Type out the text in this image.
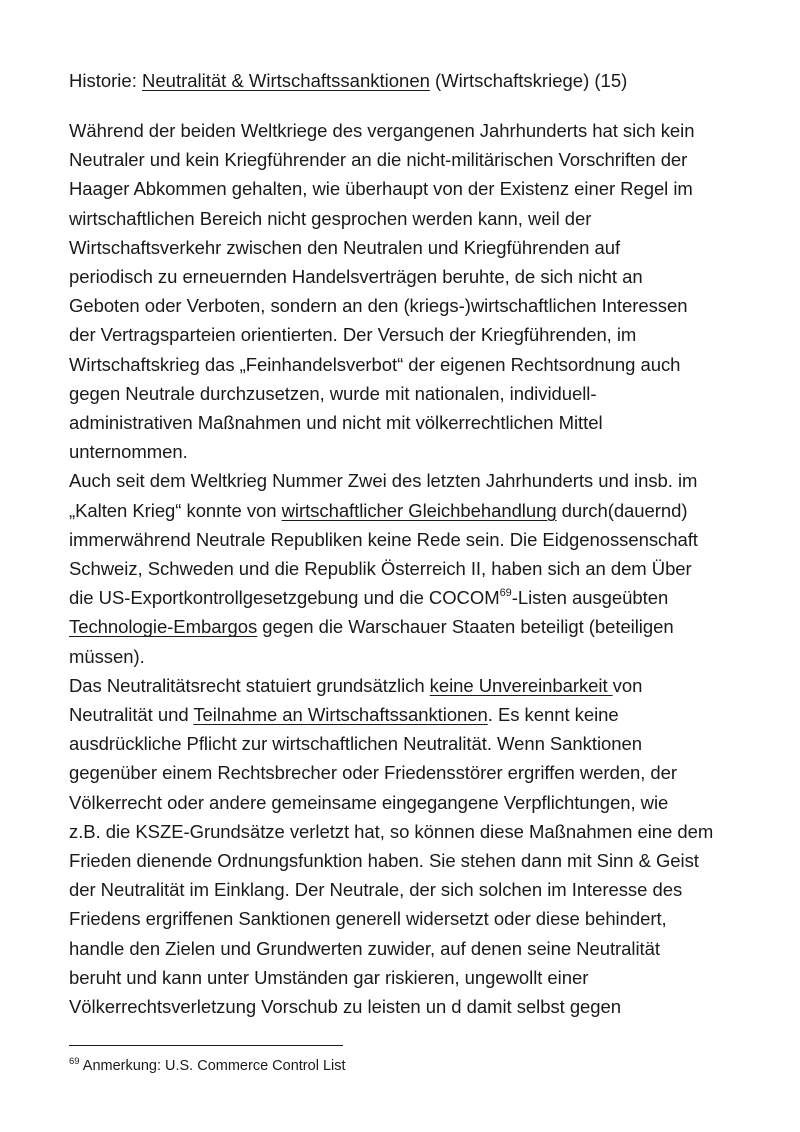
Historie: Neutralität & Wirtschaftssanktionen (Wirtschaftskriege) (15)

Während der beiden Weltkriege des vergangenen Jahrhunderts hat sich kein
Neutraler und kein Kriegführender an die nicht-militärischen Vorschriften der
Haager Abkommen gehalten, wie überhaupt von der Existenz einer Regel im
wirtschaftlichen Bereich nicht gesprochen werden kann, weil der
Wirtschaftsverkehr zwischen den Neutralen und Kriegführenden auf
periodisch zu erneuernden Handelsverträgen beruhte, de sich nicht an
Geboten oder Verboten, sondern an den (kriegs-)wirtschaftlichen Interessen
der Vertragsparteien orientierten. Der Versuch der Kriegführenden, im
Wirtschaftskrieg das „Feinhandelsverbot“ der eigenen Rechtsordnung auch
gegen Neutrale durchzusetzen, wurde mit nationalen, individuell-
administrativen Maßnahmen und nicht mit völkerrechtlichen Mittel
unternommen.

Auch seit dem Weltkrieg Nummer Zwei des letzten Jahrhunderts und insb. im
„Kalten Krieg“ konnte von wirtschaftlicher Gleichbehandlung durch(dauernd)
immerwährend Neutrale Republiken keine Rede sein. Die Eidgenossenschaft
Schweiz, Schweden und die Republik Österreich II, haben sich an dem Über
die US-Exportkontrollgesetzgebung und die COCOM$^{69}$-Listen ausgeübten
Technologie-Embargos gegen die Warschauer Staaten beteiligt (beteiligen
müssen).

Das Neutralitätsrecht statuiert grundsätzlich keine Unvereinbarkeit von
Neutralität und Teilnahme an Wirtschaftssanktionen. Es kennt keine
ausdrückliche Pflicht zur wirtschaftlichen Neutralität. Wenn Sanktionen
gegenüber einem Rechtsbrecher oder Friedensstörer ergriffen werden, der
Völkerrecht oder andere gemeinsame eingegangene Verpflichtungen, wie
z.B. die KSZE-Grundsätze verletzt hat, so können diese Maßnahmen eine dem
Frieden dienende Ordnungsfunktion haben. Sie stehen dann mit Sinn & Geist
der Neutralität im Einklang. Der Neutrale, der sich solchen im Interesse des
Friedens ergriffenen Sanktionen generell widersetzt oder diese behindert,
handle den Zielen und Grundwerten zuwider, auf denen seine Neutralität
beruht und kann unter Umständen gar riskieren, ungewollt einer
Völkerrechtsverletzung Vorschub zu leisten un d damit selbst gegen

$^{69}$ Anmerkung: U.S. Commerce Control List
